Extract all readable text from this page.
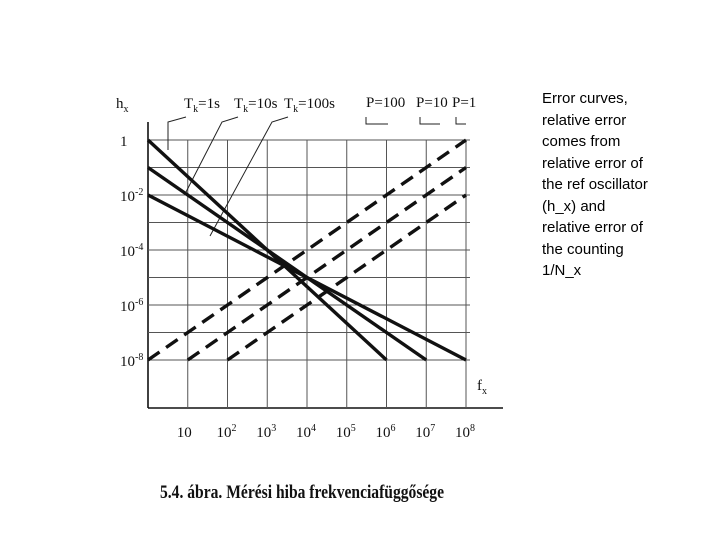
10 $10^2$ $10^3$ $10^4$ $10^5$ $10^6$ $10^7$ $10^8$
1
$10^{-2}$
$10^{-4}$
$10^{-6}$
$10^{-8}$
$h_x$
$f_x$
$T_k=1s$ $T_k=10s$ $T_k=100s$ P=100 P=10 P=1	Error curves,
relative error
comes from
relative error of
the ref oscillator
(h_x) and
relative error of
the counting
1/N_x
5.4. ábra. Mérési hiba frekvenciafüggősége
